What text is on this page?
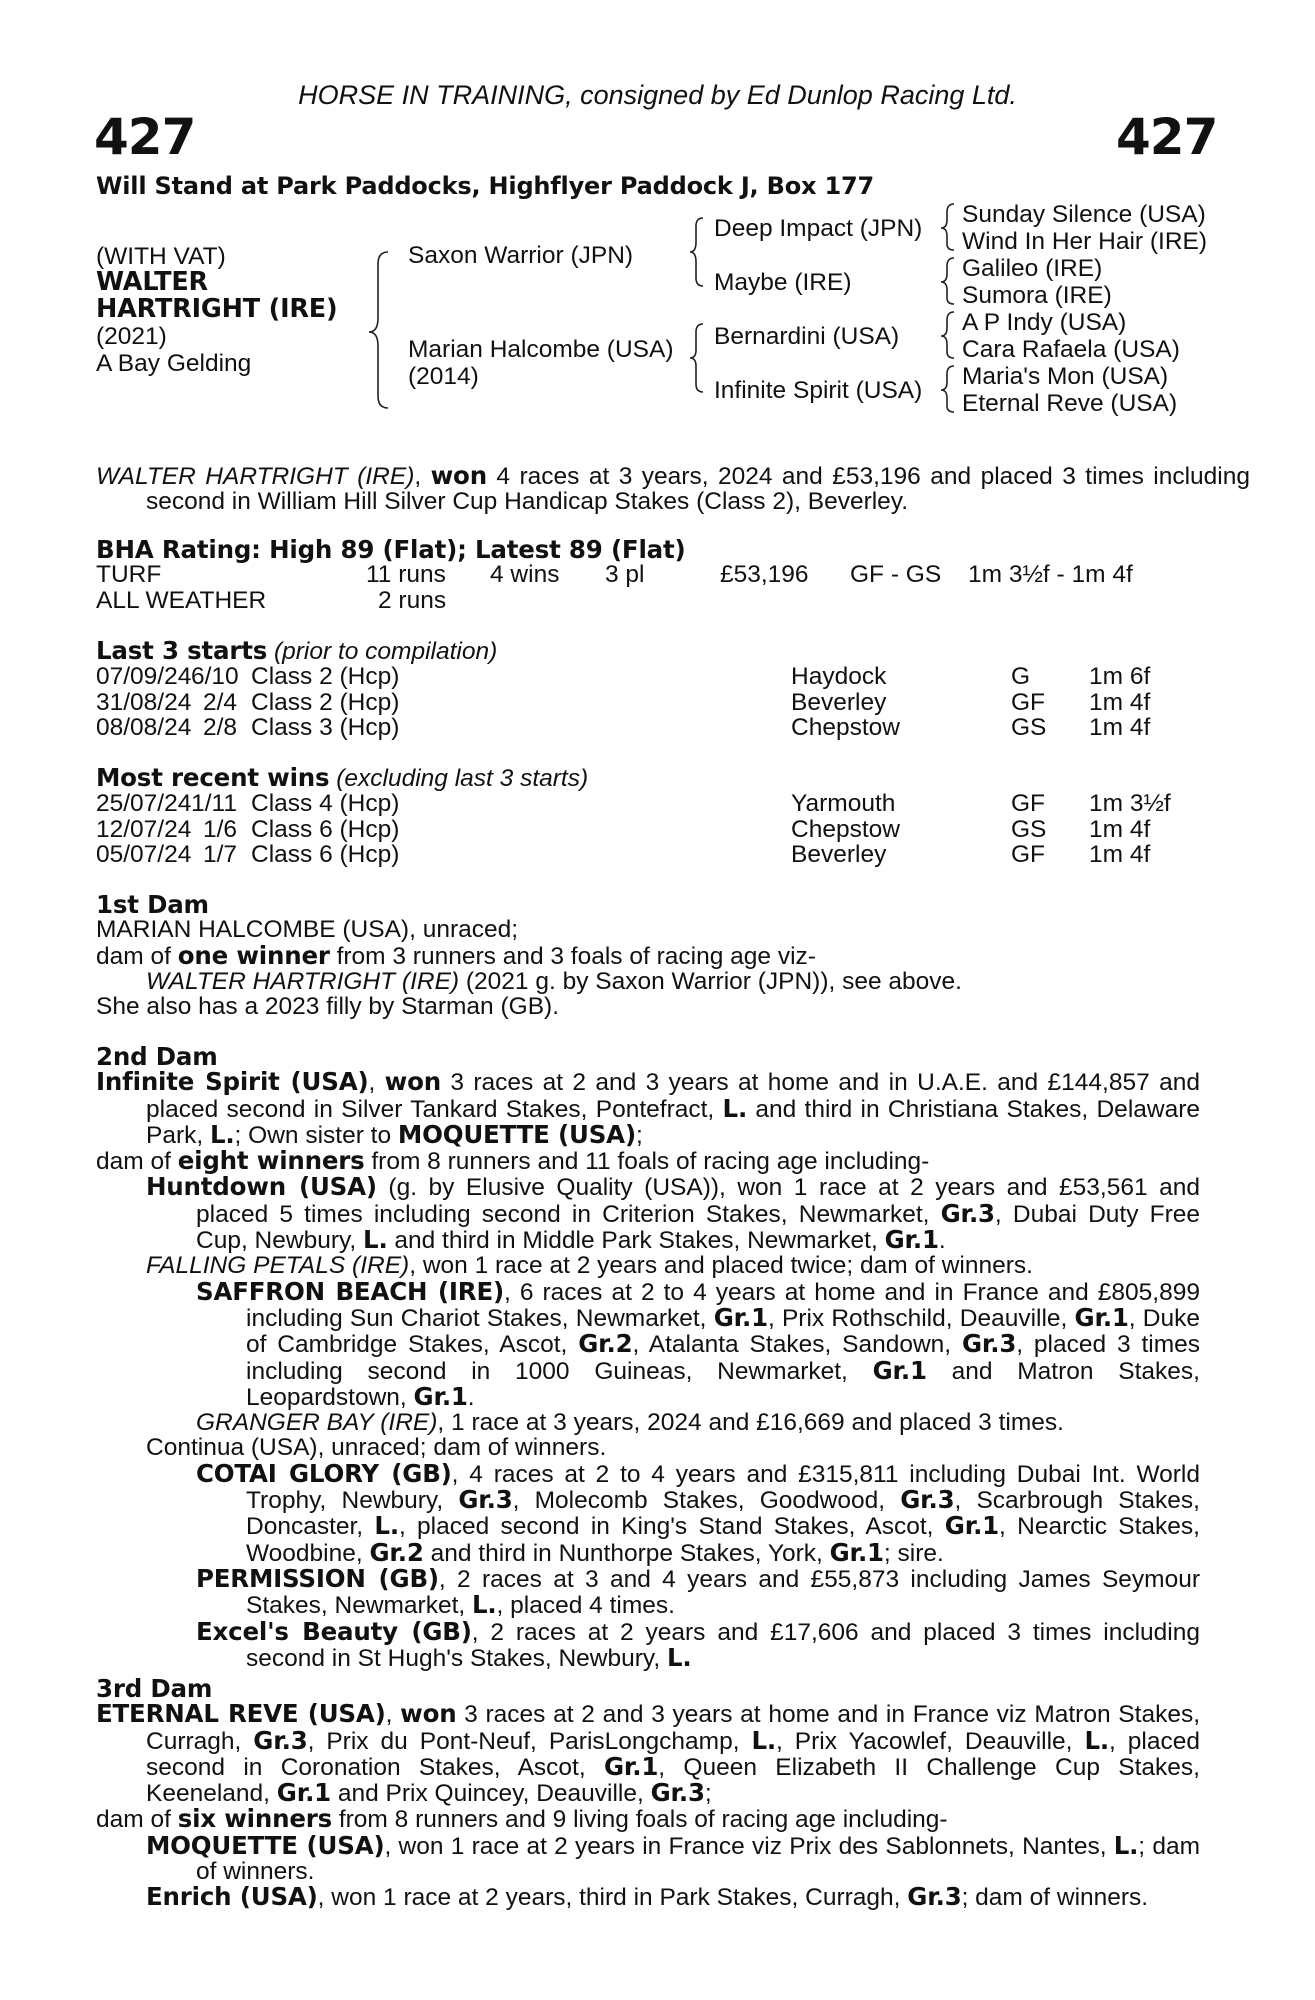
HORSE IN TRAINING, consigned by Ed Dunlop Racing Ltd.
427	427
Will Stand at Park Paddocks, Highflyer Paddock J, Box 177
(WITH VAT)
WALTER
HARTRIGHT (IRE)
(2021)
A Bay Gelding
Saxon Warrior (JPN)
Marian Halcombe (USA)
(2014)
Deep Impact (JPN)
Maybe (IRE)
Bernardini (USA)
Infinite Spirit (USA)
Sunday Silence (USA)
Wind In Her Hair (IRE)
Galileo (IRE)
Sumora (IRE)
A P Indy (USA)
Cara Rafaela (USA)
Maria's Mon (USA)
Eternal Reve (USA)
WALTER HARTRIGHT (IRE), won 4 races at 3 years, 2024 and £53,196 and placed 3 times including second in William Hill Silver Cup Handicap Stakes (Class 2), Beverley.
BHA Rating: High 89 (Flat); Latest 89 (Flat)
TURF	11 runs	4 wins	3 pl	£53,196	GF - GS	1m 3½f - 1m 4f
ALL WEATHER	2 runs
Last 3 starts (prior to compilation)
07/09/24 6/10 Class 2 (Hcp)	Haydock	G	1m 6f
31/08/24 2/4 Class 2 (Hcp)	Beverley	GF	1m 4f
08/08/24 2/8 Class 3 (Hcp)	Chepstow	GS	1m 4f
Most recent wins (excluding last 3 starts)
25/07/24 1/11 Class 4 (Hcp)	Yarmouth	GF	1m 3½f
12/07/24 1/6 Class 6 (Hcp)	Chepstow	GS	1m 4f
05/07/24 1/7 Class 6 (Hcp)	Beverley	GF	1m 4f
1st Dam
MARIAN HALCOMBE (USA), unraced;
dam of one winner from 3 runners and 3 foals of racing age viz-
WALTER HARTRIGHT (IRE) (2021 g. by Saxon Warrior (JPN)), see above.
She also has a 2023 filly by Starman (GB).
2nd Dam

Infinite Spirit (USA), won 3 races at 2 and 3 years at home and in U.A.E. and £144,857 and placed second in Silver Tankard Stakes, Pontefract, L. and third in Christiana Stakes, Delaware Park, L.; Own sister to MOQUETTE (USA);

dam of eight winners from 8 runners and 11 foals of racing age including-

Huntdown (USA) (g. by Elusive Quality (USA)), won 1 race at 2 years and £53,561 and placed 5 times including second in Criterion Stakes, Newmarket, Gr.3, Dubai Duty Free Cup, Newbury, L. and third in Middle Park Stakes, Newmarket, Gr.1.

FALLING PETALS (IRE), won 1 race at 2 years and placed twice; dam of winners.

SAFFRON BEACH (IRE), 6 races at 2 to 4 years at home and in France and £805,899 including Sun Chariot Stakes, Newmarket, Gr.1, Prix Rothschild, Deauville, Gr.1, Duke of Cambridge Stakes, Ascot, Gr.2, Atalanta Stakes, Sandown, Gr.3, placed 3 times including second in 1000 Guineas, Newmarket, Gr.1 and Matron Stakes, Leopardstown, Gr.1.

GRANGER BAY (IRE), 1 race at 3 years, 2024 and £16,669 and placed 3 times.

Continua (USA), unraced; dam of winners.

COTAI GLORY (GB), 4 races at 2 to 4 years and £315,811 including Dubai Int. World Trophy, Newbury, Gr.3, Molecomb Stakes, Goodwood, Gr.3, Scarbrough Stakes, Doncaster, L., placed second in King's Stand Stakes, Ascot, Gr.1, Nearctic Stakes, Woodbine, Gr.2 and third in Nunthorpe Stakes, York, Gr.1; sire.

PERMISSION (GB), 2 races at 3 and 4 years and £55,873 including James Seymour Stakes, Newmarket, L., placed 4 times.

Excel's Beauty (GB), 2 races at 2 years and £17,606 and placed 3 times including second in St Hugh's Stakes, Newbury, L.

3rd Dam

ETERNAL REVE (USA), won 3 races at 2 and 3 years at home and in France viz Matron Stakes, Curragh, Gr.3, Prix du Pont-Neuf, ParisLongchamp, L., Prix Yacowlef, Deauville, L., placed second in Coronation Stakes, Ascot, Gr.1, Queen Elizabeth II Challenge Cup Stakes, Keeneland, Gr.1 and Prix Quincey, Deauville, Gr.3;

dam of six winners from 8 runners and 9 living foals of racing age including-

MOQUETTE (USA), won 1 race at 2 years in France viz Prix des Sablonnets, Nantes, L.; dam of winners.

Enrich (USA), won 1 race at 2 years, third in Park Stakes, Curragh, Gr.3; dam of winners.
